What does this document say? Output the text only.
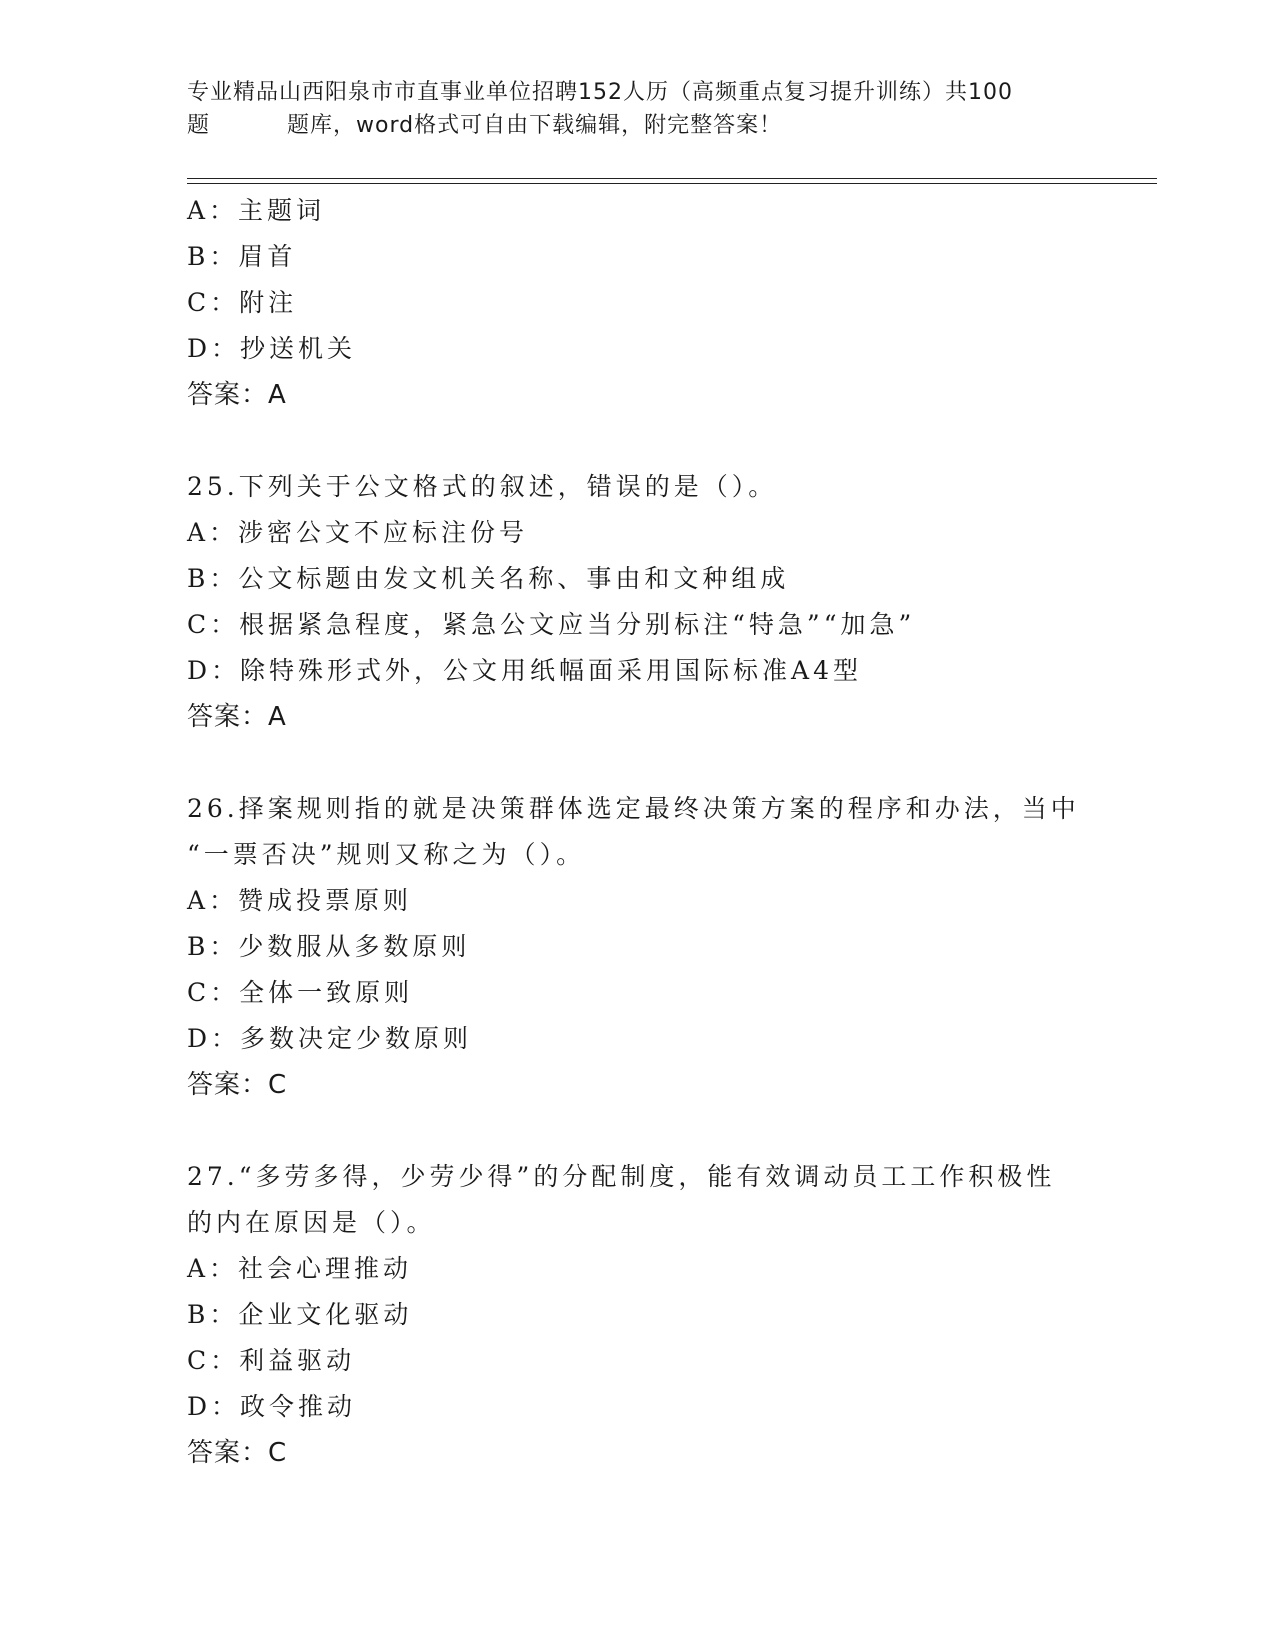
专业精品山西阳泉市市直事业单位招聘152人历（高频重点复习提升训练）共100
题	题库，word格式可自由下载编辑，附完整答案！
A：主题词
B：眉首
C：附注
D：抄送机关
答案：A
25.下列关于公文格式的叙述，错误的是（）。
A：涉密公文不应标注份号
B：公文标题由发文机关名称、事由和文种组成
C：根据紧急程度，紧急公文应当分别标注“特急”“加急”
D：除特殊形式外，公文用纸幅面采用国际标准A4型
答案：A
26.择案规则指的就是决策群体选定最终决策方案的程序和办法，当中
“一票否决”规则又称之为（）。
A：赞成投票原则
B：少数服从多数原则
C：全体一致原则
D：多数决定少数原则
答案：C
27.“多劳多得，少劳少得”的分配制度，能有效调动员工工作积极性
的内在原因是（）。
A：社会心理推动
B：企业文化驱动
C：利益驱动
D：政令推动
答案：C
